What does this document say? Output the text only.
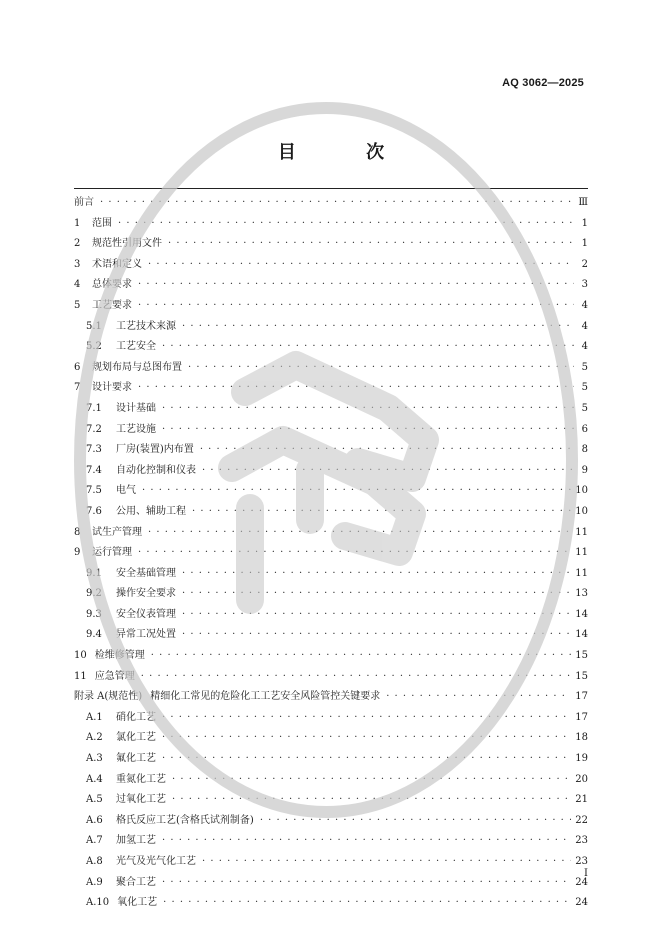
AQ 3062—2025
目 次
前言 · · ·	Ⅲ
1	范围 · · ·	1
2	规范性引用文件 · · ·	1
3	术语和定义 · · ·	2
4	总体要求 · · ·	3
5	工艺要求 · · ·	4
5.1	工艺技术来源 · · ·	4
5.2	工艺安全 · · ·	4
6	规划布局与总图布置 · · ·	5
7	设计要求 · · ·	5
7.1	设计基础 · · ·	5
7.2	工艺设施 · · ·	6
7.3	厂房(装置)内布置 · · ·	8
7.4	自动化控制和仪表 · · ·	9
7.5	电气 · · ·	10
7.6	公用、辅助工程 · · ·	10
8	试生产管理 · · ·	11
9	运行管理 · · ·	11
9.1	安全基础管理 · · ·	11
9.2	操作安全要求 · · ·	13
9.3	安全仪表管理 · · ·	14
9.4	异常工况处置 · · ·	14
10 检维修管理 · · ·	15
11 应急管理 · · ·	15
附录 A(规范性) 精细化工常见的危险化工工艺安全风险管控关键要求 · · ·	17
A.1	硝化工艺 · · ·	17
A.2	氯化工艺 · · ·	18
A.3	氟化工艺 · · ·	19
A.4	重氮化工艺 · · ·	20
A.5	过氧化工艺 · · ·	21
A.6	格氏反应工艺(含格氏试剂制备) · · ·	22
A.7	加氢工艺 · · ·	23
A.8	光气及光气化工艺 · · ·	23
A.9	聚合工艺 · · ·	24
A.10 氧化工艺 · · ·	24
I
